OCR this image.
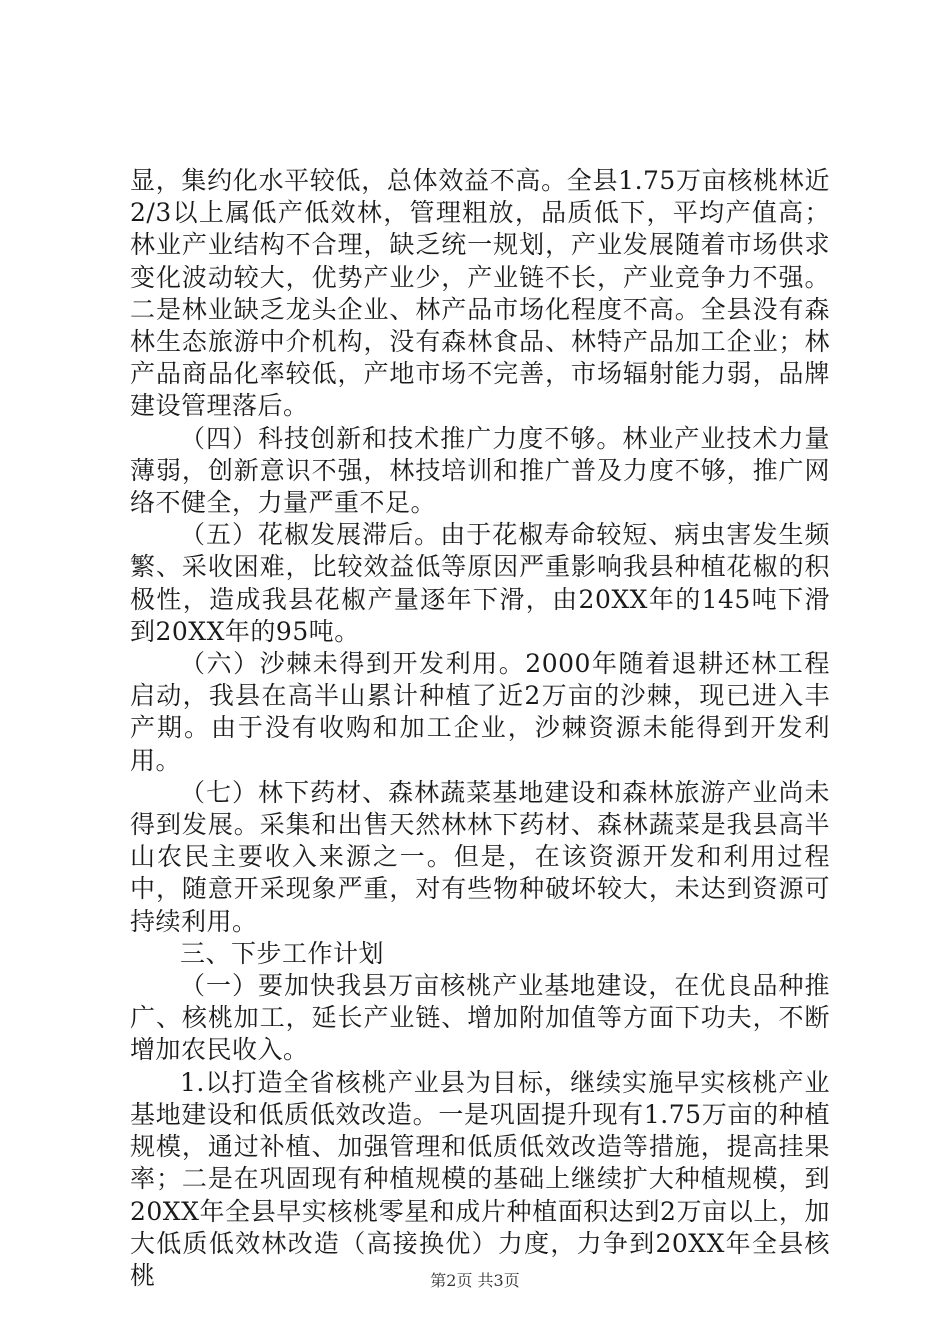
显，集约化水平较低，总体效益不高。全县1.75万亩核桃林近2/3以上属低产低效林，管理粗放，品质低下，平均产值高；林业产业结构不合理，缺乏统一规划，产业发展随着市场供求变化波动较大，优势产业少，产业链不长，产业竞争力不强。二是林业缺乏龙头企业、林产品市场化程度不高。全县没有森林生态旅游中介机构，没有森林食品、林特产品加工企业；林产品商品化率较低，产地市场不完善，市场辐射能力弱，品牌建设管理落后。

（四）科技创新和技术推广力度不够。林业产业技术力量薄弱，创新意识不强，林技培训和推广普及力度不够，推广网络不健全，力量严重不足。

（五）花椒发展滞后。由于花椒寿命较短、病虫害发生频繁、采收困难，比较效益低等原因严重影响我县种植花椒的积极性，造成我县花椒产量逐年下滑，由20XX年的145吨下滑到20XX年的95吨。

（六）沙棘未得到开发利用。2000年随着退耕还林工程启动，我县在高半山累计种植了近2万亩的沙棘，现已进入丰产期。由于没有收购和加工企业，沙棘资源未能得到开发利用。

（七）林下药材、森林蔬菜基地建设和森林旅游产业尚未得到发展。采集和出售天然林林下药材、森林蔬菜是我县高半山农民主要收入来源之一。但是，在该资源开发和利用过程中，随意开采现象严重，对有些物种破坏较大，未达到资源可持续利用。

三、下步工作计划

（一）要加快我县万亩核桃产业基地建设，在优良品种推广、核桃加工，延长产业链、增加附加值等方面下功夫，不断增加农民收入。

1.以打造全省核桃产业县为目标，继续实施早实核桃产业基地建设和低质低效改造。一是巩固提升现有1.75万亩的种植规模，通过补植、加强管理和低质低效改造等措施，提高挂果率；二是在巩固现有种植规模的基础上继续扩大种植规模，到20XX年全县早实核桃零星和成片种植面积达到2万亩以上，加大低质低效林改造（高接换优）力度，力争到20XX年全县核桃	第2页 共3页
